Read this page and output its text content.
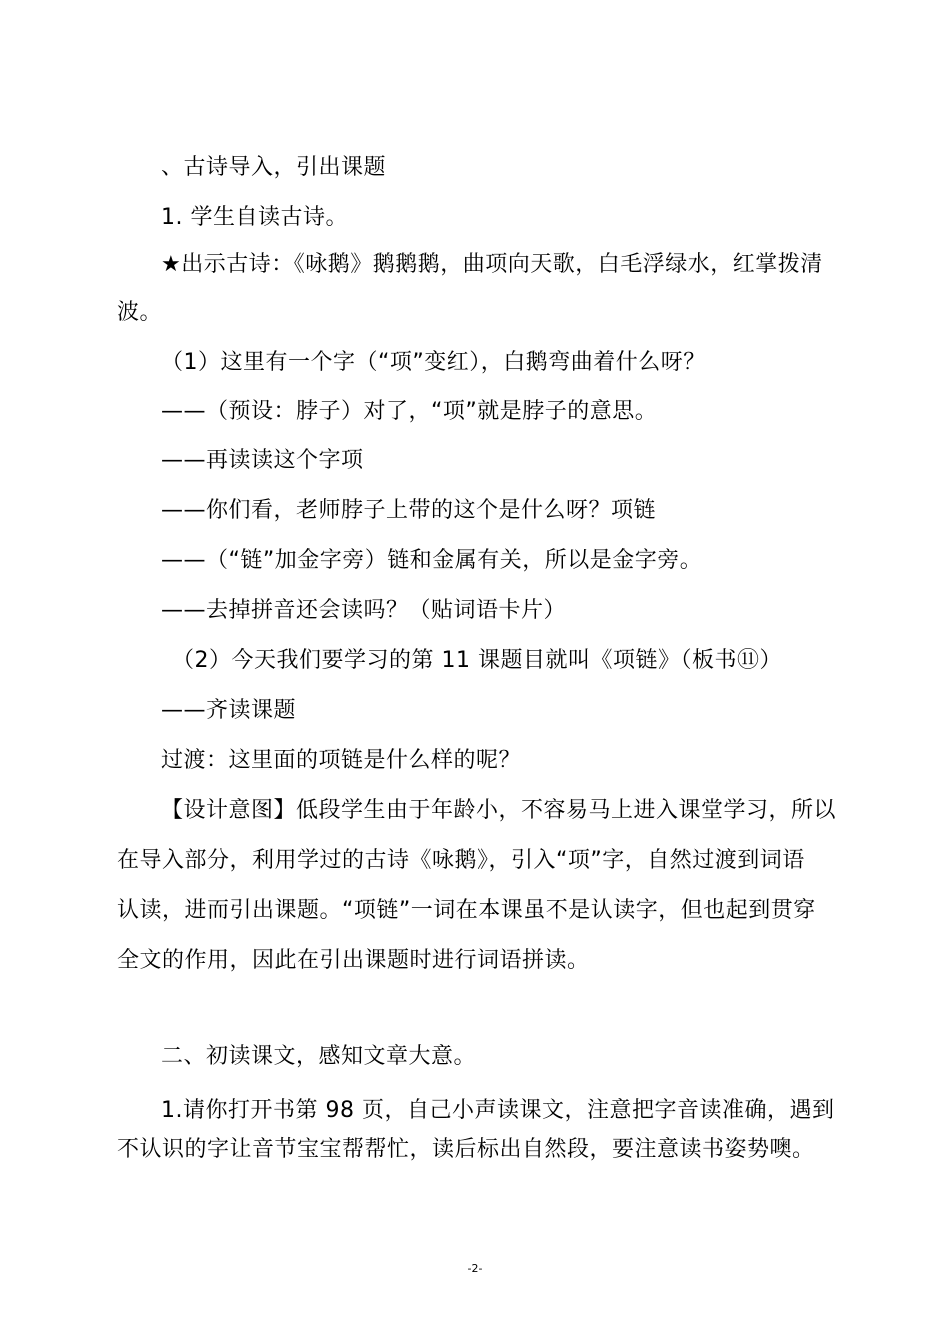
、古诗导入，引出课题
1. 学生自读古诗。
★出示古诗：《咏鹅》鹅鹅鹅，曲项向天歌，白毛浮绿水，红掌拨清
波。
（1）这里有一个字（“项”变红），白鹅弯曲着什么呀？
——（预设：脖子）对了，“项”就是脖子的意思。
——再读读这个字项
——你们看，老师脖子上带的这个是什么呀？项链
——（“链”加金字旁）链和金属有关，所以是金字旁。
——去掉拼音还会读吗？（贴词语卡片）
（2）今天我们要学习的第 11 课题目就叫《项链》（板书⑪）
——齐读课题
过渡：这里面的项链是什么样的呢？
【设计意图】低段学生由于年龄小，不容易马上进入课堂学习，所以
在导入部分，利用学过的古诗《咏鹅》，引入“项”字，自然过渡到词语
认读，进而引出课题。“项链”一词在本课虽不是认读字，但也起到贯穿
全文的作用，因此在引出课题时进行词语拼读。
二、初读课文，感知文章大意。
1.请你打开书第 98 页，自己小声读课文，注意把字音读准确，遇到
不认识的字让音节宝宝帮帮忙，读后标出自然段，要注意读书姿势噢。
-2-
